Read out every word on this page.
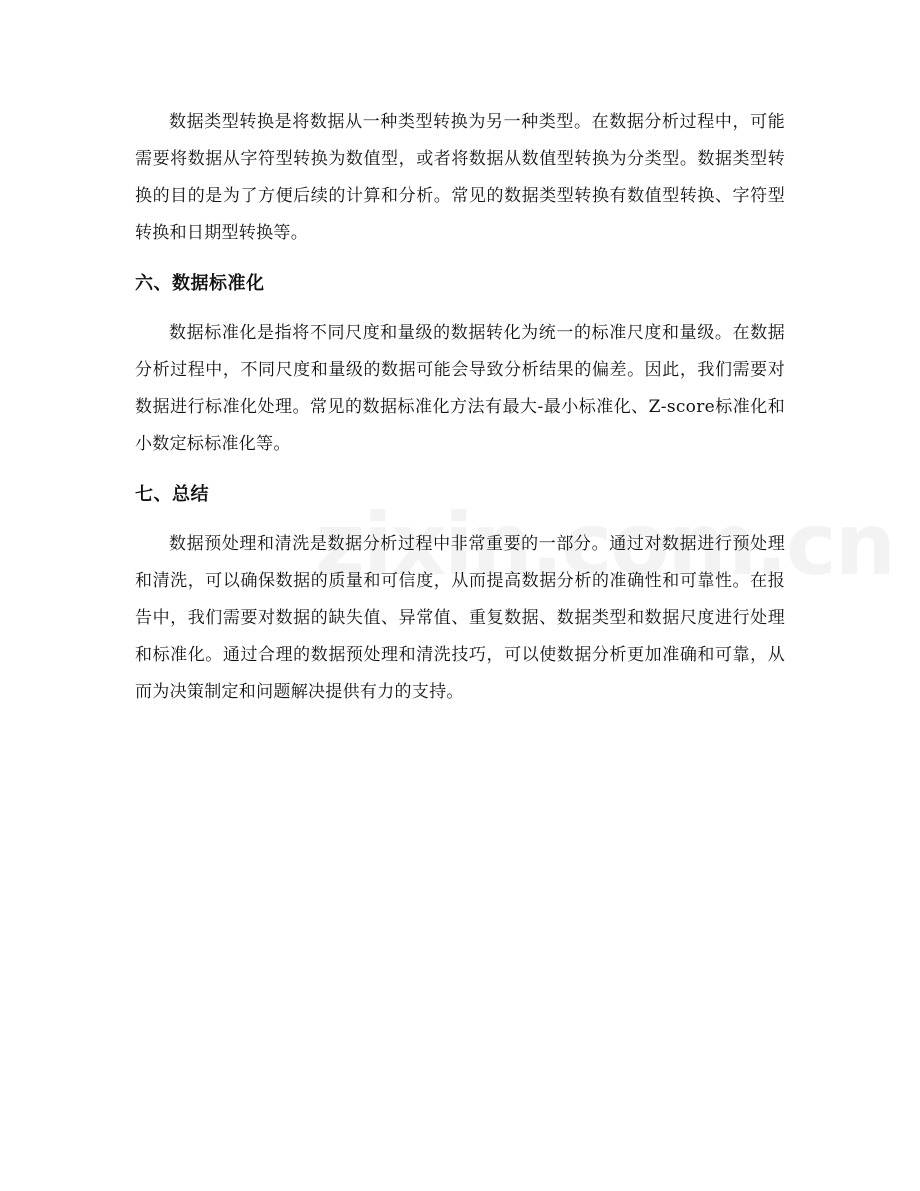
数据类型转换是将数据从一种类型转换为另一种类型。在数据分析过程中，可能需要将数据从字符型转换为数值型，或者将数据从数值型转换为分类型。数据类型转换的目的是为了方便后续的计算和分析。常见的数据类型转换有数值型转换、字符型转换和日期型转换等。

六、数据标准化

数据标准化是指将不同尺度和量级的数据转化为统一的标准尺度和量级。在数据分析过程中，不同尺度和量级的数据可能会导致分析结果的偏差。因此，我们需要对数据进行标准化处理。常见的数据标准化方法有最大-最小标准化、Z-score标准化和小数定标标准化等。

七、总结

数据预处理和清洗是数据分析过程中非常重要的一部分。通过对数据进行预处理和清洗，可以确保数据的质量和可信度，从而提高数据分析的准确性和可靠性。在报告中，我们需要对数据的缺失值、异常值、重复数据、数据类型和数据尺度进行处理和标准化。通过合理的数据预处理和清洗技巧，可以使数据分析更加准确和可靠，从而为决策制定和问题解决提供有力的支持。
